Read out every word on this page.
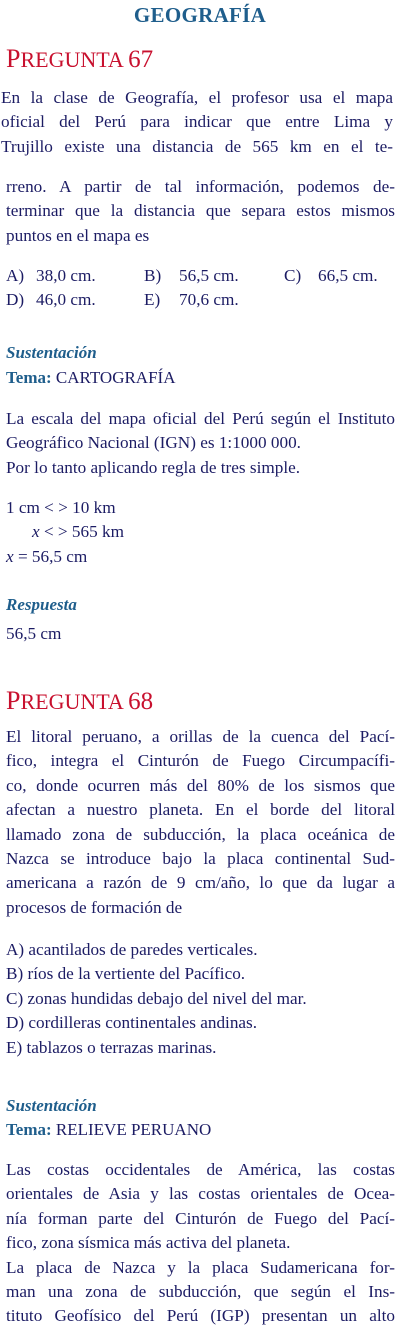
GEOGRAFÍA
PREGUNTA 67
En la clase de Geografía, el profesor usa el mapa
oficial del Perú para indicar que entre Lima y
Trujillo existe una distancia de 565 km en el te-
rreno. A partir de tal información, podemos de-
terminar que la distancia que separa estos mismos
puntos en el mapa es
A) 38,0 cm.	B)	56,5 cm.	C) 66,5 cm.
D) 46,0 cm.	E)	70,6 cm.
Sustentación
Tema: CARTOGRAFÍA
La escala del mapa oficial del Perú según el Instituto
Geográfico Nacional (IGN) es 1:1000 000.
Por lo tanto aplicando regla de tres simple.
1 cm < > 10 km
x < > 565 km
x = 56,5 cm
Respuesta
56,5 cm
PREGUNTA 68
El litoral peruano, a orillas de la cuenca del Pací-
fico, integra el Cinturón de Fuego Circumpacífi-
co, donde ocurren más del 80% de los sismos que
afectan a nuestro planeta. En el borde del litoral
llamado zona de subducción, la placa oceánica de
Nazca se introduce bajo la placa continental Sud-
americana a razón de 9 cm/año, lo que da lugar a
procesos de formación de
A) acantilados de paredes verticales.
B) ríos de la vertiente del Pacífico.
C) zonas hundidas debajo del nivel del mar.
D) cordilleras continentales andinas.
E) tablazos o terrazas marinas.
Sustentación
Tema: RELIEVE PERUANO
Las costas occidentales de América, las costas
orientales de Asia y las costas orientales de Ocea-
nía forman parte del Cinturón de Fuego del Pací-
fico, zona sísmica más activa del planeta.
La placa de Nazca y la placa Sudamericana for-
man una zona de subducción, que según el Ins-
tituto Geofísico del Perú (IGP) presentan un alto
